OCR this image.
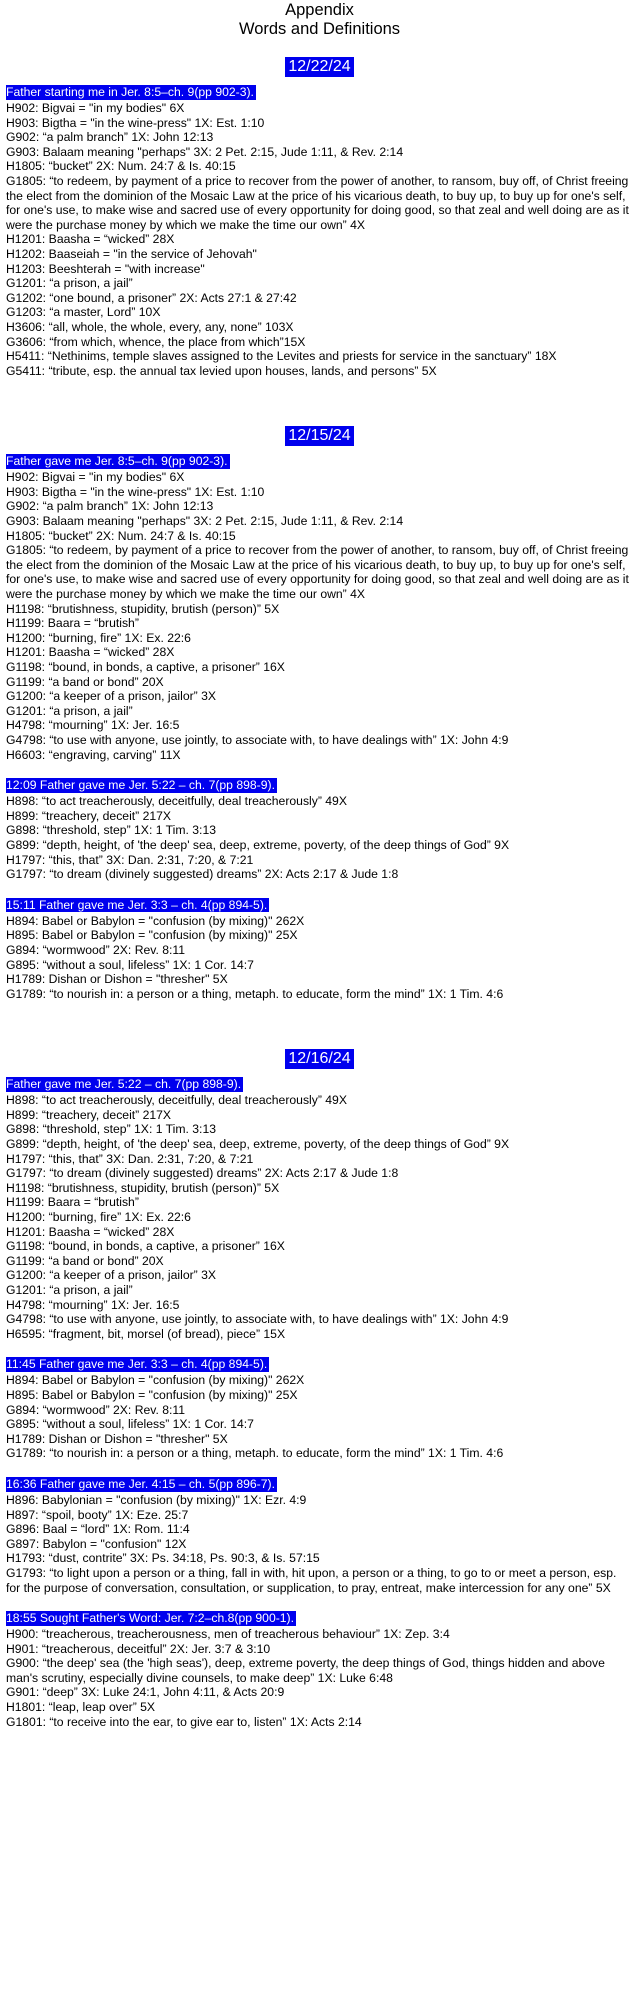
Appendix
Words and Definitions
12/22/24
Father starting me in Jer. 8:5–ch. 9(pp 902-3).
H902: Bigvai = "in my bodies" 6X
H903: Bigtha = "in the wine-press" 1X: Est. 1:10
G902: “a palm branch” 1X: John 12:13
G903: Balaam meaning "perhaps" 3X: 2 Pet. 2:15, Jude 1:11, & Rev. 2:14
H1805: “bucket” 2X: Num. 24:7 & Is. 40:15
G1805: “to redeem, by payment of a price to recover from the power of another, to ransom, buy off, of Christ freeing the elect from the dominion of the Mosaic Law at the price of his vicarious death, to buy up, to buy up for one's self, for one's use, to make wise and sacred use of every opportunity for doing good, so that zeal and well doing are as it were the purchase money by which we make the time our own” 4X
H1201: Baasha = “wicked” 28X
H1202: Baaseiah = "in the service of Jehovah"
H1203: Beeshterah = "with increase"
G1201: “a prison, a jail”
G1202: “one bound, a prisoner” 2X: Acts 27:1 & 27:42
G1203: “a master, Lord” 10X
H3606: “all, whole, the whole, every, any, none” 103X
G3606: “from which, whence, the place from which”15X
H5411: “Nethinims, temple slaves assigned to the Levites and priests for service in the sanctuary” 18X
G5411: “tribute, esp. the annual tax levied upon houses, lands, and persons” 5X
12/15/24
Father gave me Jer. 8:5–ch. 9(pp 902-3).
H902: Bigvai = "in my bodies" 6X
H903: Bigtha = "in the wine-press" 1X: Est. 1:10
G902: “a palm branch” 1X: John 12:13
G903: Balaam meaning "perhaps" 3X: 2 Pet. 2:15, Jude 1:11, & Rev. 2:14
H1805: “bucket” 2X: Num. 24:7 & Is. 40:15
G1805: “to redeem, by payment of a price to recover from the power of another, to ransom, buy off, of Christ freeing the elect from the dominion of the Mosaic Law at the price of his vicarious death, to buy up, to buy up for one's self, for one's use, to make wise and sacred use of every opportunity for doing good, so that zeal and well doing are as it were the purchase money by which we make the time our own” 4X
H1198: “brutishness, stupidity, brutish (person)” 5X
H1199: Baara = “brutish”
H1200: “burning, fire” 1X: Ex. 22:6
H1201: Baasha = “wicked” 28X
G1198: “bound, in bonds, a captive, a prisoner” 16X
G1199: “a band or bond” 20X
G1200: “a keeper of a prison, jailor” 3X
G1201: “a prison, a jail”
H4798: “mourning” 1X: Jer. 16:5
G4798: “to use with anyone, use jointly, to associate with, to have dealings with” 1X: John 4:9
H6603: “engraving, carving” 11X
12:09 Father gave me Jer. 5:22 – ch. 7(pp 898-9).
H898: “to act treacherously, deceitfully, deal treacherously” 49X
H899: “treachery, deceit” 217X
G898: “threshold, step” 1X: 1 Tim. 3:13
G899: “depth, height, of 'the deep' sea, deep, extreme, poverty, of the deep things of God” 9X
H1797: “this, that” 3X: Dan. 2:31, 7:20, & 7:21
G1797: “to dream (divinely suggested) dreams” 2X: Acts 2:17 & Jude 1:8
15:11 Father gave me Jer. 3:3 – ch. 4(pp 894-5).
H894: Babel or Babylon = "confusion (by mixing)" 262X
H895: Babel or Babylon = "confusion (by mixing)" 25X
G894: “wormwood” 2X: Rev. 8:11
G895: “without a soul, lifeless” 1X: 1 Cor. 14:7
H1789: Dishan or Dishon = "thresher" 5X
G1789: “to nourish in: a person or a thing, metaph. to educate, form the mind” 1X: 1 Tim. 4:6
12/16/24
Father gave me Jer. 5:22 – ch. 7(pp 898-9).
H898: “to act treacherously, deceitfully, deal treacherously” 49X
H899: “treachery, deceit” 217X
G898: “threshold, step” 1X: 1 Tim. 3:13
G899: “depth, height, of 'the deep' sea, deep, extreme, poverty, of the deep things of God” 9X
H1797: “this, that” 3X: Dan. 2:31, 7:20, & 7:21
G1797: “to dream (divinely suggested) dreams” 2X: Acts 2:17 & Jude 1:8
H1198: “brutishness, stupidity, brutish (person)” 5X
H1199: Baara = “brutish”
H1200: “burning, fire” 1X: Ex. 22:6
H1201: Baasha = “wicked” 28X
G1198: “bound, in bonds, a captive, a prisoner” 16X
G1199: “a band or bond” 20X
G1200: “a keeper of a prison, jailor” 3X
G1201: “a prison, a jail”
H4798: “mourning” 1X: Jer. 16:5
G4798: “to use with anyone, use jointly, to associate with, to have dealings with” 1X: John 4:9
H6595: “fragment, bit, morsel (of bread), piece” 15X
11:45 Father gave me Jer. 3:3 – ch. 4(pp 894-5).
H894: Babel or Babylon = "confusion (by mixing)" 262X
H895: Babel or Babylon = "confusion (by mixing)" 25X
G894: “wormwood” 2X: Rev. 8:11
G895: “without a soul, lifeless” 1X: 1 Cor. 14:7
H1789: Dishan or Dishon = "thresher" 5X
G1789: “to nourish in: a person or a thing, metaph. to educate, form the mind” 1X: 1 Tim. 4:6
16:36 Father gave me Jer. 4:15 – ch. 5(pp 896-7).
H896: Babylonian = "confusion (by mixing)" 1X: Ezr. 4:9
H897: “spoil, booty” 1X: Eze. 25:7
G896: Baal = “lord” 1X: Rom. 11:4
G897: Babylon = "confusion" 12X
H1793: “dust, contrite” 3X: Ps. 34:18, Ps. 90:3, & Is. 57:15
G1793: “to light upon a person or a thing, fall in with, hit upon, a person or a thing, to go to or meet a person, esp. for the purpose of conversation, consultation, or supplication, to pray, entreat, make intercession for any one” 5X
18:55 Sought Father's Word: Jer. 7:2–ch.8(pp 900-1).
H900: “treacherous, treacherousness, men of treacherous behaviour” 1X: Zep. 3:4
H901: “treacherous, deceitful” 2X: Jer. 3:7 & 3:10
G900: “the deep' sea (the 'high seas'), deep, extreme poverty, the deep things of God, things hidden and above man's scrutiny, especially divine counsels, to make deep” 1X: Luke 6:48
G901: “deep” 3X: Luke 24:1, John 4:11, & Acts 20:9
H1801: “leap, leap over” 5X
G1801: “to receive into the ear, to give ear to, listen” 1X: Acts 2:14
